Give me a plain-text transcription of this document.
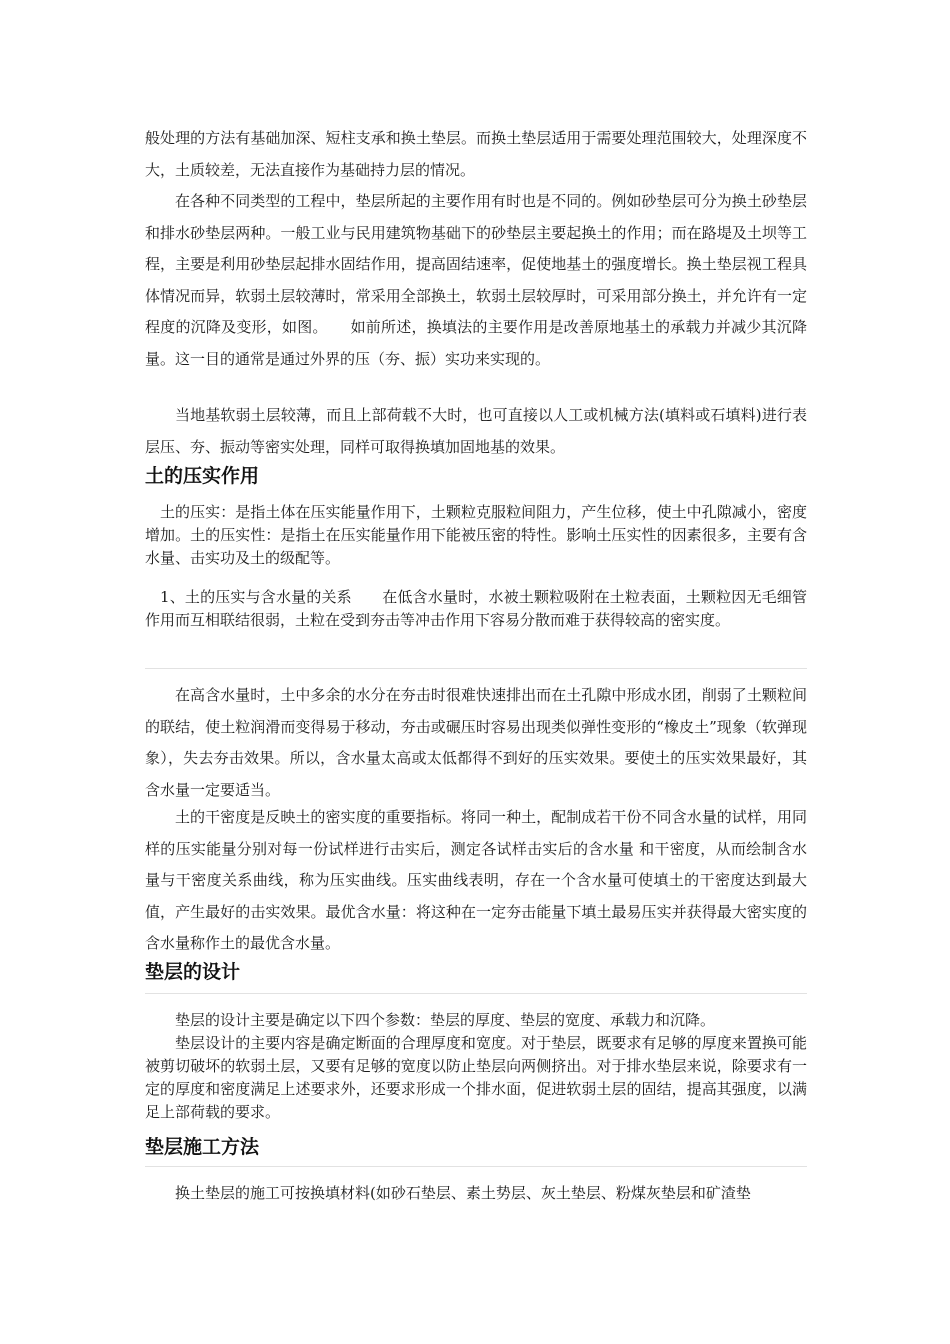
般处理的方法有基础加深、短柱支承和换土垫层。而换土垫层适用于需要处理范围较大，处理深度不大，土质较差，无法直接作为基础持力层的情况。

在各种不同类型的工程中，垫层所起的主要作用有时也是不同的。例如砂垫层可分为换土砂垫层和排水砂垫层两种。一般工业与民用建筑物基础下的砂垫层主要起换土的作用；而在路堤及土坝等工程，主要是利用砂垫层起排水固结作用，提高固结速率，促使地基土的强度增长。换土垫层视工程具体情况而异，软弱土层较薄时，常采用全部换土，软弱土层较厚时，可采用部分换土，并允许有一定程度的沉降及变形，如图。　　如前所述，换填法的主要作用是改善原地基土的承载力并减少其沉降量。这一目的通常是通过外界的压（夯、振）实功来实现的。

当地基软弱土层较薄，而且上部荷载不大时，也可直接以人工或机械方法(填料或石填料)进行表层压、夯、振动等密实处理，同样可取得换填加固地基的效果。

土的压实作用

土的压实：是指土体在压实能量作用下，土颗粒克服粒间阻力，产生位移，使土中孔隙减小，密度增加。土的压实性：是指土在压实能量作用下能被压密的特性。影响土压实性的因素很多，主要有含水量、击实功及土的级配等。

1、土的压实与含水量的关系　　在低含水量时，水被土颗粒吸附在土粒表面，土颗粒因无毛细管作用而互相联结很弱，土粒在受到夯击等冲击作用下容易分散而难于获得较高的密实度。

在高含水量时，土中多余的水分在夯击时很难快速排出而在土孔隙中形成水团，削弱了土颗粒间的联结，使土粒润滑而变得易于移动，夯击或碾压时容易出现类似弹性变形的“橡皮土”现象（软弹现象），失去夯击效果。所以，含水量太高或太低都得不到好的压实效果。要使土的压实效果最好，其含水量一定要适当。

土的干密度是反映土的密实度的重要指标。将同一种土，配制成若干份不同含水量的试样，用同样的压实能量分别对每一份试样进行击实后，测定各试样击实后的含水量 和干密度，从而绘制含水量与干密度关系曲线，称为压实曲线。压实曲线表明，存在一个含水量可使填土的干密度达到最大值，产生最好的击实效果。最优含水量：将这种在一定夯击能量下填土最易压实并获得最大密实度的含水量称作土的最优含水量。

垫层的设计

垫层的设计主要是确定以下四个参数：垫层的厚度、垫层的宽度、承载力和沉降。

垫层设计的主要内容是确定断面的合理厚度和宽度。对于垫层，既要求有足够的厚度来置换可能被剪切破坏的软弱土层，又要有足够的宽度以防止垫层向两侧挤出。对于排水垫层来说，除要求有一定的厚度和密度满足上述要求外，还要求形成一个排水面，促进软弱土层的固结，提高其强度，以满足上部荷载的要求。

垫层施工方法

换土垫层的施工可按换填材料(如砂石垫层、素土势层、灰土垫层、粉煤灰垫层和矿渣垫
